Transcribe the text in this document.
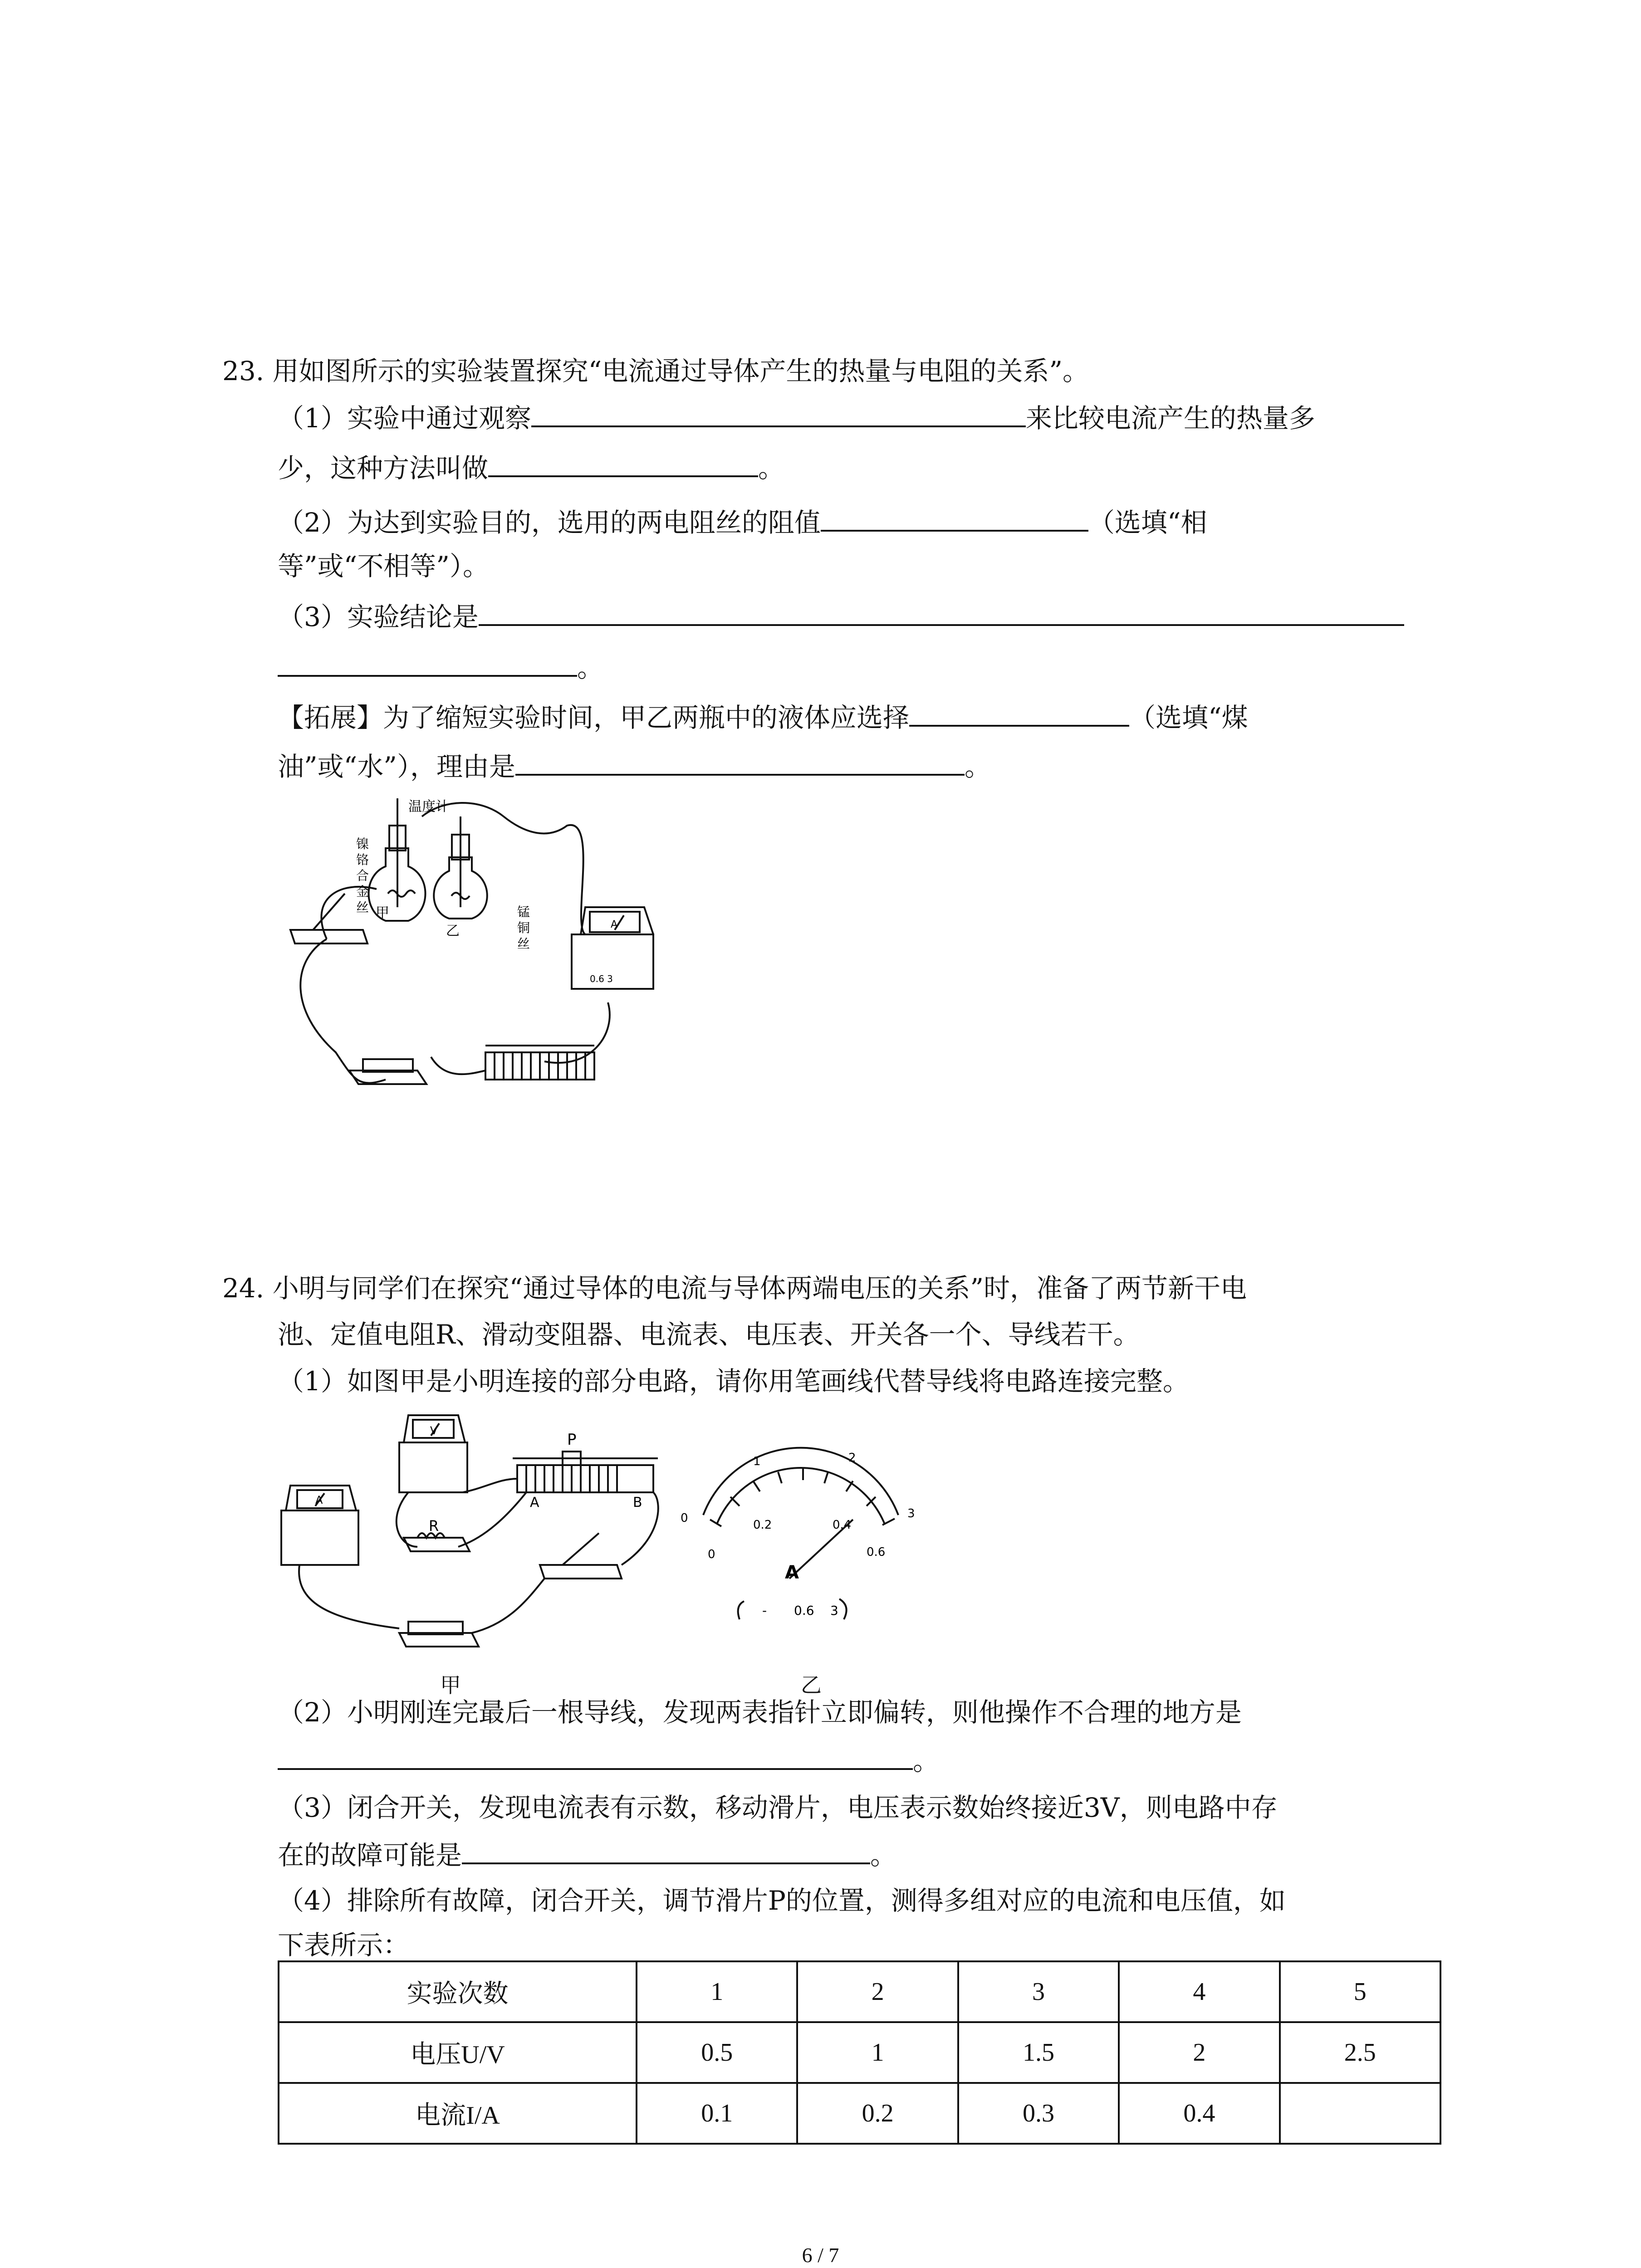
23. 用如图所示的实验装置探究“电流通过导体产生的热量与电阻的关系”。
（1）实验中通过观察	来比较电流产生的热量多
少，这种方法叫做	。
（2）为达到实验目的，选用的两电阻丝的阻值	（选填“相
等”或“不相等”）。
（3）实验结论是
。
【拓展】为了缩短实验时间，甲乙两瓶中的液体应选择	（选填“煤
油”或“水”），理由是	。
温度计
甲
乙
镍
铬
合
金
丝	锰
铜
丝
A
0.6 3
24. 小明与同学们在探究“通过导体的电流与导体两端电压的关系”时，准备了两节新干电
池、定值电阻R、滑动变阻器、电流表、电压表、开关各一个、导线若干。
（1）如图甲是小明连接的部分电路，请你用笔画线代替导线将电路连接完整。
P
R
A	B
V
A
甲
0
1	2
3
0
0.2	0.4
0.6
A
- 0.6 3
乙
（2）小明刚连完最后一根导线，发现两表指针立即偏转，则他操作不合理的地方是
。
（3）闭合开关，发现电流表有示数，移动滑片，电压表示数始终接近3V，则电路中存
在的故障可能是	。
（4）排除所有故障，闭合开关，调节滑片P的位置，测得多组对应的电流和电压值，如
下表所示：
实验次数	1	2	3	4	5
电压U/V	0.5	1	1.5	2	2.5
电流I/A	0.1	0.2	0.3	0.4	
6 / 7
